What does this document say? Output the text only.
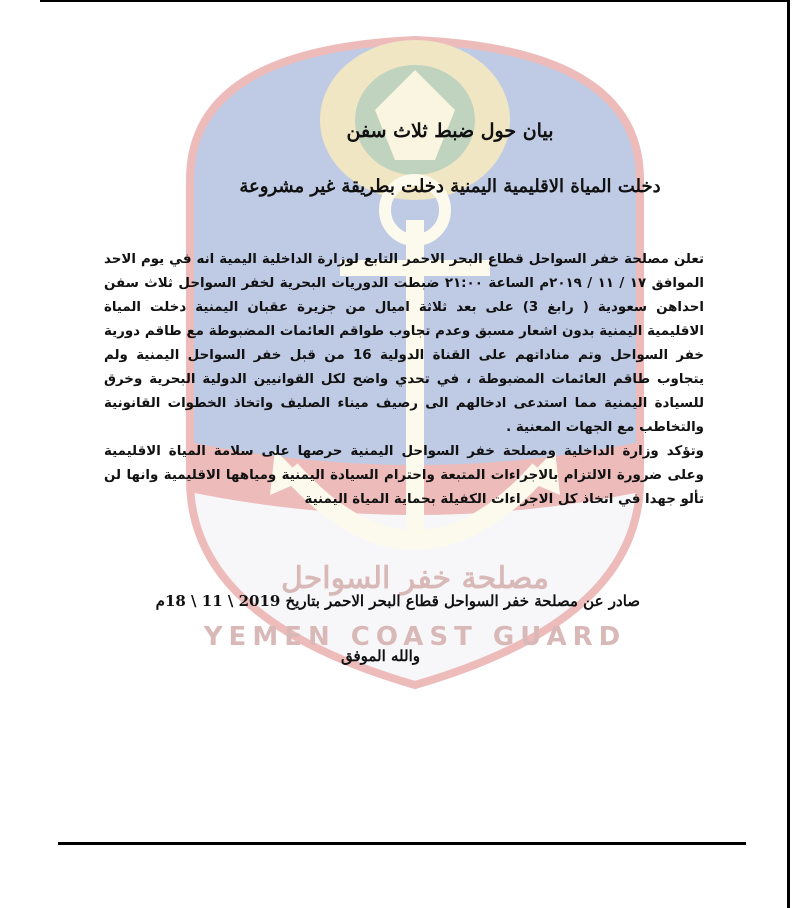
مصلحة خفر السواحل
YEMEN COAST GUARD
بيان حول ضبط ثلاث سفن
دخلت المياة الاقليمية اليمنية دخلت بطريقة غير مشروعة

تعلن مصلحة خفر السواحل قطاع البحر الاحمر التابع لوزارة الداخلية اليمية انه في يوم الاحد الموافق ١٧ / ١١ / ٢٠١٩م الساعة ٢١:٠٠ ضبطت الدوريات البحرية لخفر السواحل ثلاث سفن احداهن سعودية ( رابغ 3) على بعد ثلاثة اميال من جزيرة عقبان اليمنية دخلت المياة الاقليمية اليمنية بدون اشعار مسبق وعدم تجاوب طواقم العائمات المضبوطة مع طاقم دورية خفر السواحل وتم مناداتهم على القناة الدولية 16 من قبل خفر السواحل اليمنية ولم يتجاوب طاقم العائمات المضبوطة ، في تحدي واضح لكل القوانيين الدولية البحرية وخرق للسيادة اليمنية مما استدعى ادخالهم الى رصيف ميناء الصليف واتخاذ الخطوات القانونية والتخاطب مع الجهات المعنية .

وتؤكد وزارة الداخلية ومصلحة خفر السواحل اليمنية حرصها على سلامة المياة الاقليمية وعلى ضرورة الالتزام بالاجراءات المتبعة واحترام السيادة اليمنية ومياهها الاقليمية وانها لن تألو جهدا في اتخاذ كل الاجراءات الكفيلة بحماية المياة اليمنية

صادر عن مصلحة خفر السواحل قطاع البحر الاحمر بتاريخ 2019 \ 11 \ 18م
والله الموفق
